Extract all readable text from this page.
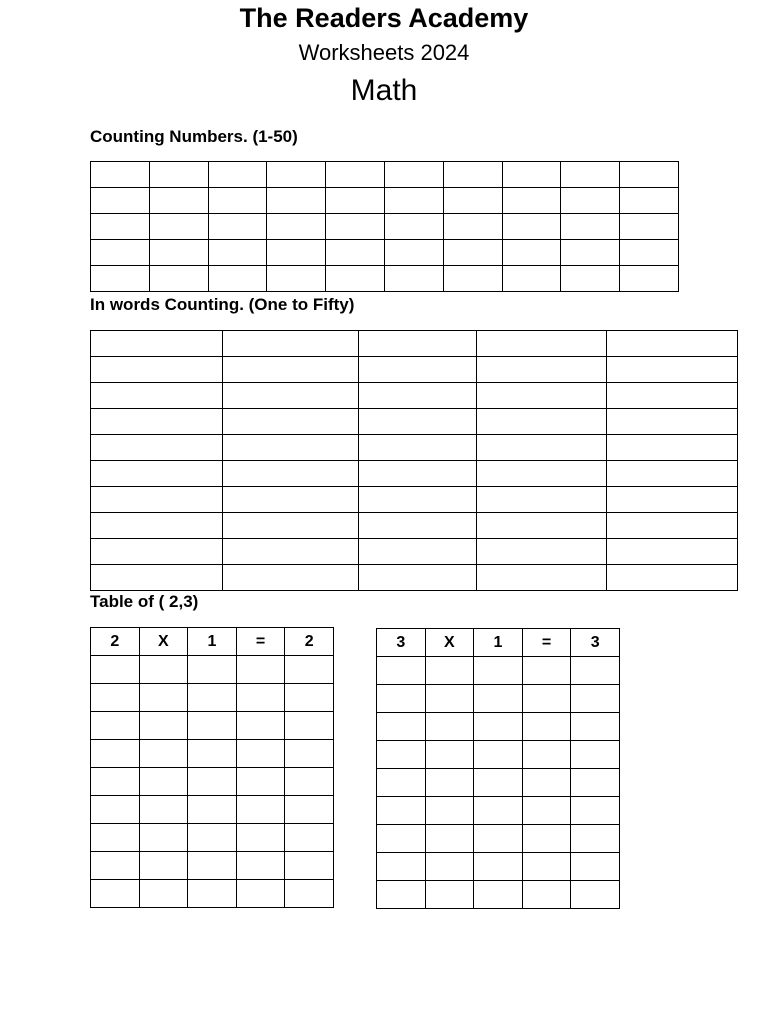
The Readers Academy
Worksheets 2024
Math
Counting Numbers. (1-50)

In words Counting. (One to Fifty)

Table of ( 2,3)
2	X	1	=	2

					3	X	1	=	3
